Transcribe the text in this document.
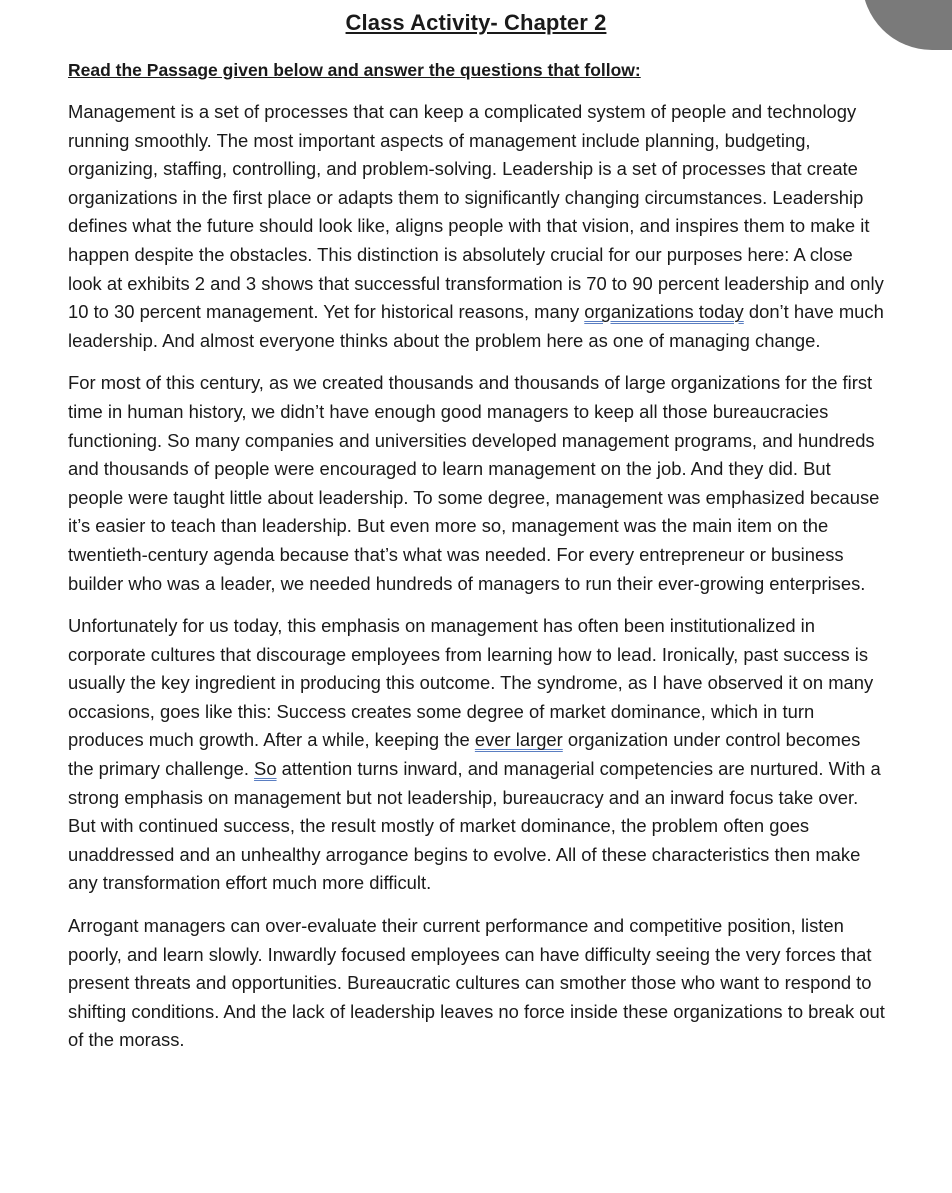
Class Activity- Chapter 2
Read the Passage given below and answer the questions that follow:

Management is a set of processes that can keep a complicated system of people and technology running smoothly. The most important aspects of management include planning, budgeting, organizing, staffing, controlling, and problem-solving. Leadership is a set of processes that create organizations in the first place or adapts them to significantly changing circumstances. Leadership defines what the future should look like, aligns people with that vision, and inspires them to make it happen despite the obstacles. This distinction is absolutely crucial for our purposes here: A close look at exhibits 2 and 3 shows that successful transformation is 70 to 90 percent leadership and only 10 to 30 percent management. Yet for historical reasons, many organizations today don’t have much leadership. And almost everyone thinks about the problem here as one of managing change.

For most of this century, as we created thousands and thousands of large organizations for the first time in human history, we didn’t have enough good managers to keep all those bureaucracies functioning. So many companies and universities developed management programs, and hundreds and thousands of people were encouraged to learn management on the job. And they did. But people were taught little about leadership. To some degree, management was emphasized because it’s easier to teach than leadership. But even more so, management was the main item on the twentieth-century agenda because that’s what was needed. For every entrepreneur or business builder who was a leader, we needed hundreds of managers to run their ever-growing enterprises.

Unfortunately for us today, this emphasis on management has often been institutionalized in corporate cultures that discourage employees from learning how to lead. Ironically, past success is usually the key ingredient in producing this outcome. The syndrome, as I have observed it on many occasions, goes like this: Success creates some degree of market dominance, which in turn produces much growth. After a while, keeping the ever larger organization under control becomes the primary challenge. So attention turns inward, and managerial competencies are nurtured. With a strong emphasis on management but not leadership, bureaucracy and an inward focus take over. But with continued success, the result mostly of market dominance, the problem often goes unaddressed and an unhealthy arrogance begins to evolve. All of these characteristics then make any transformation effort much more difficult.

Arrogant managers can over-evaluate their current performance and competitive position, listen poorly, and learn slowly. Inwardly focused employees can have difficulty seeing the very forces that present threats and opportunities. Bureaucratic cultures can smother those who want to respond to shifting conditions. And the lack of leadership leaves no force inside these organizations to break out of the morass.
